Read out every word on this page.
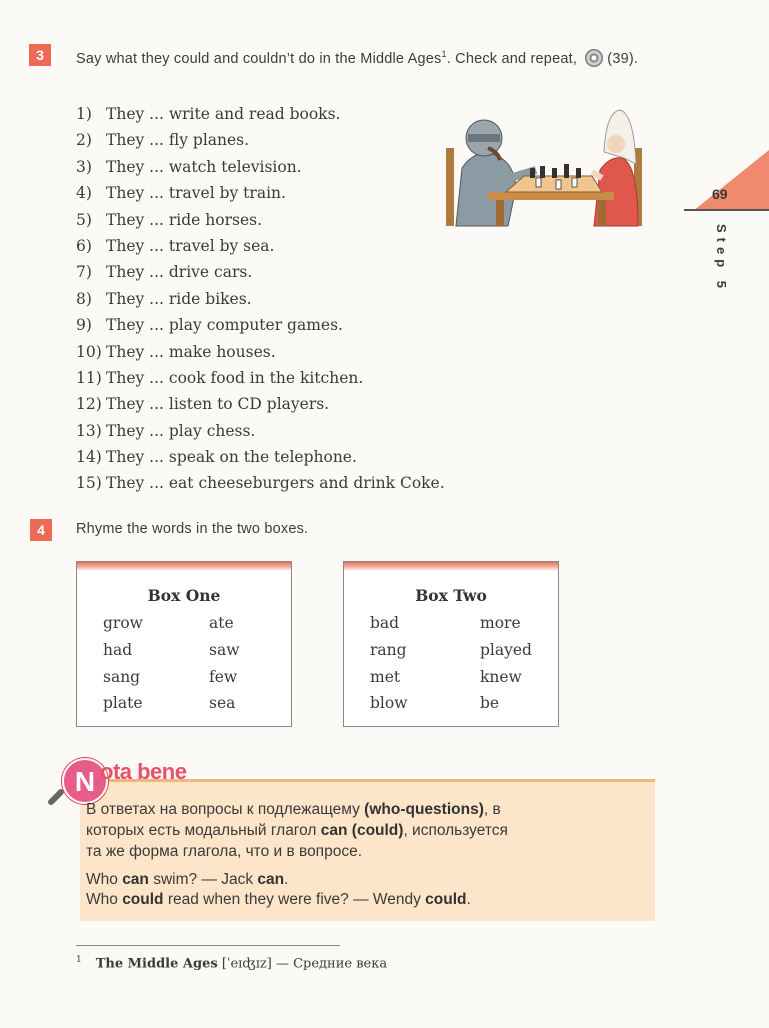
3	Say what they could and couldn’t do in the Middle Ages$^1$. Check and repeat, (39).
1) They ... write and read books.
2) They ... fly planes.
3) They ... watch television.
4) They ... travel by train.
5) They ... ride horses.
6) They ... travel by sea.
7) They ... drive cars.
8) They ... ride bikes.
9) They ... play computer games.
10) They ... make houses.
11) They ... cook food in the kitchen.
12) They ... listen to CD players.
13) They ... play chess.
14) They ... speak on the telephone.
15) They ... eat cheeseburgers and drink Coke.
69
Step 5
4	Rhyme the words in the two boxes.
Box One
grow
had
sang
plate
ate
saw
few
sea
Box Two
bad
rang
met
blow
more
played
knew
be
N ota bene
В ответах на вопросы к подлежащему (who-questions), в
которых есть модальный глагол can (could), используется
та же форма глагола, что и в вопросе.
Who can swim? — Jack can.
Who could read when they were five? — Wendy could.
$^1$ The Middle Ages [ˈeɪʤɪz] — Средние века
